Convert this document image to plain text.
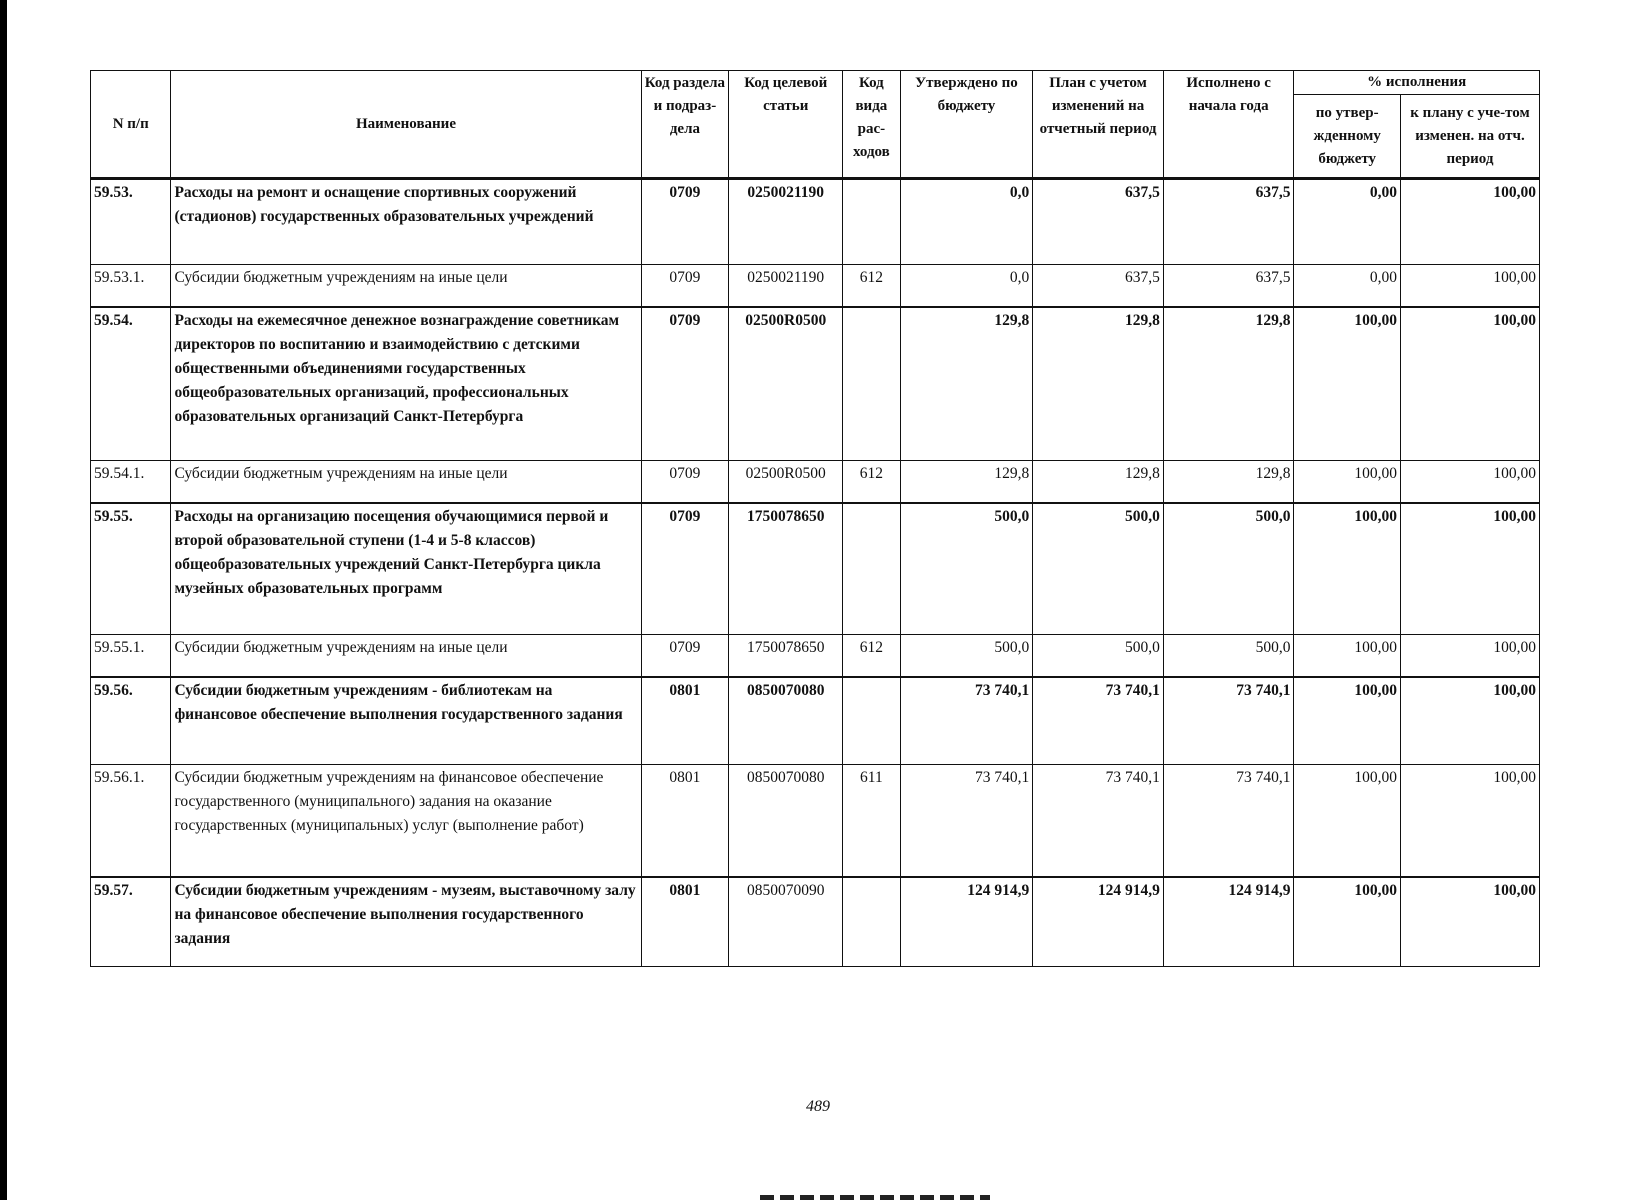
N п/п	Наименование	Код раздела и подраз-дела	Код целевой статьи	Код вида рас-ходов	Утверждено по бюджету	План с учетом изменений на отчетный период	Исполнено с начала года	% исполнения	
								по утвер-жденному бюджету	к плану с уче-том изменен. на отч. период
59.53.	Расходы на ремонт и оснащение спортивных сооружений (стадионов) государственных образовательных учреждений	0709	0250021190		0,0	637,5	637,5	0,00	100,00
59.53.1.	Субсидии бюджетным учреждениям на иные цели	0709	0250021190	612	0,0	637,5	637,5	0,00	100,00
59.54.	Расходы на ежемесячное денежное вознаграждение советникам директоров по воспитанию и взаимодействию с детскими общественными объединениями государственных общеобразовательных организаций, профессиональных образовательных организаций Санкт-Петербурга	0709	02500R0500		129,8	129,8	129,8	100,00	100,00
59.54.1.	Субсидии бюджетным учреждениям на иные цели	0709	02500R0500	612	129,8	129,8	129,8	100,00	100,00
59.55.	Расходы на организацию посещения обучающимися первой и второй образовательной ступени (1-4 и 5-8 классов) общеобразовательных учреждений Санкт-Петербурга цикла музейных образовательных программ	0709	1750078650		500,0	500,0	500,0	100,00	100,00
59.55.1.	Субсидии бюджетным учреждениям на иные цели	0709	1750078650	612	500,0	500,0	500,0	100,00	100,00
59.56.	Субсидии бюджетным учреждениям - библиотекам на финансовое обеспечение выполнения государственного задания	0801	0850070080		73 740,1	73 740,1	73 740,1	100,00	100,00
59.56.1.	Субсидии бюджетным учреждениям на финансовое обеспечение государственного (муниципального) задания на оказание государственных (муниципальных) услуг (выполнение работ)	0801	0850070080	611	73 740,1	73 740,1	73 740,1	100,00	100,00
59.57.	Субсидии бюджетным учреждениям - музеям, выставочному залу на финансовое обеспечение выполнения государственного задания	0801	0850070090		124 914,9	124 914,9	124 914,9	100,00	100,00
489
